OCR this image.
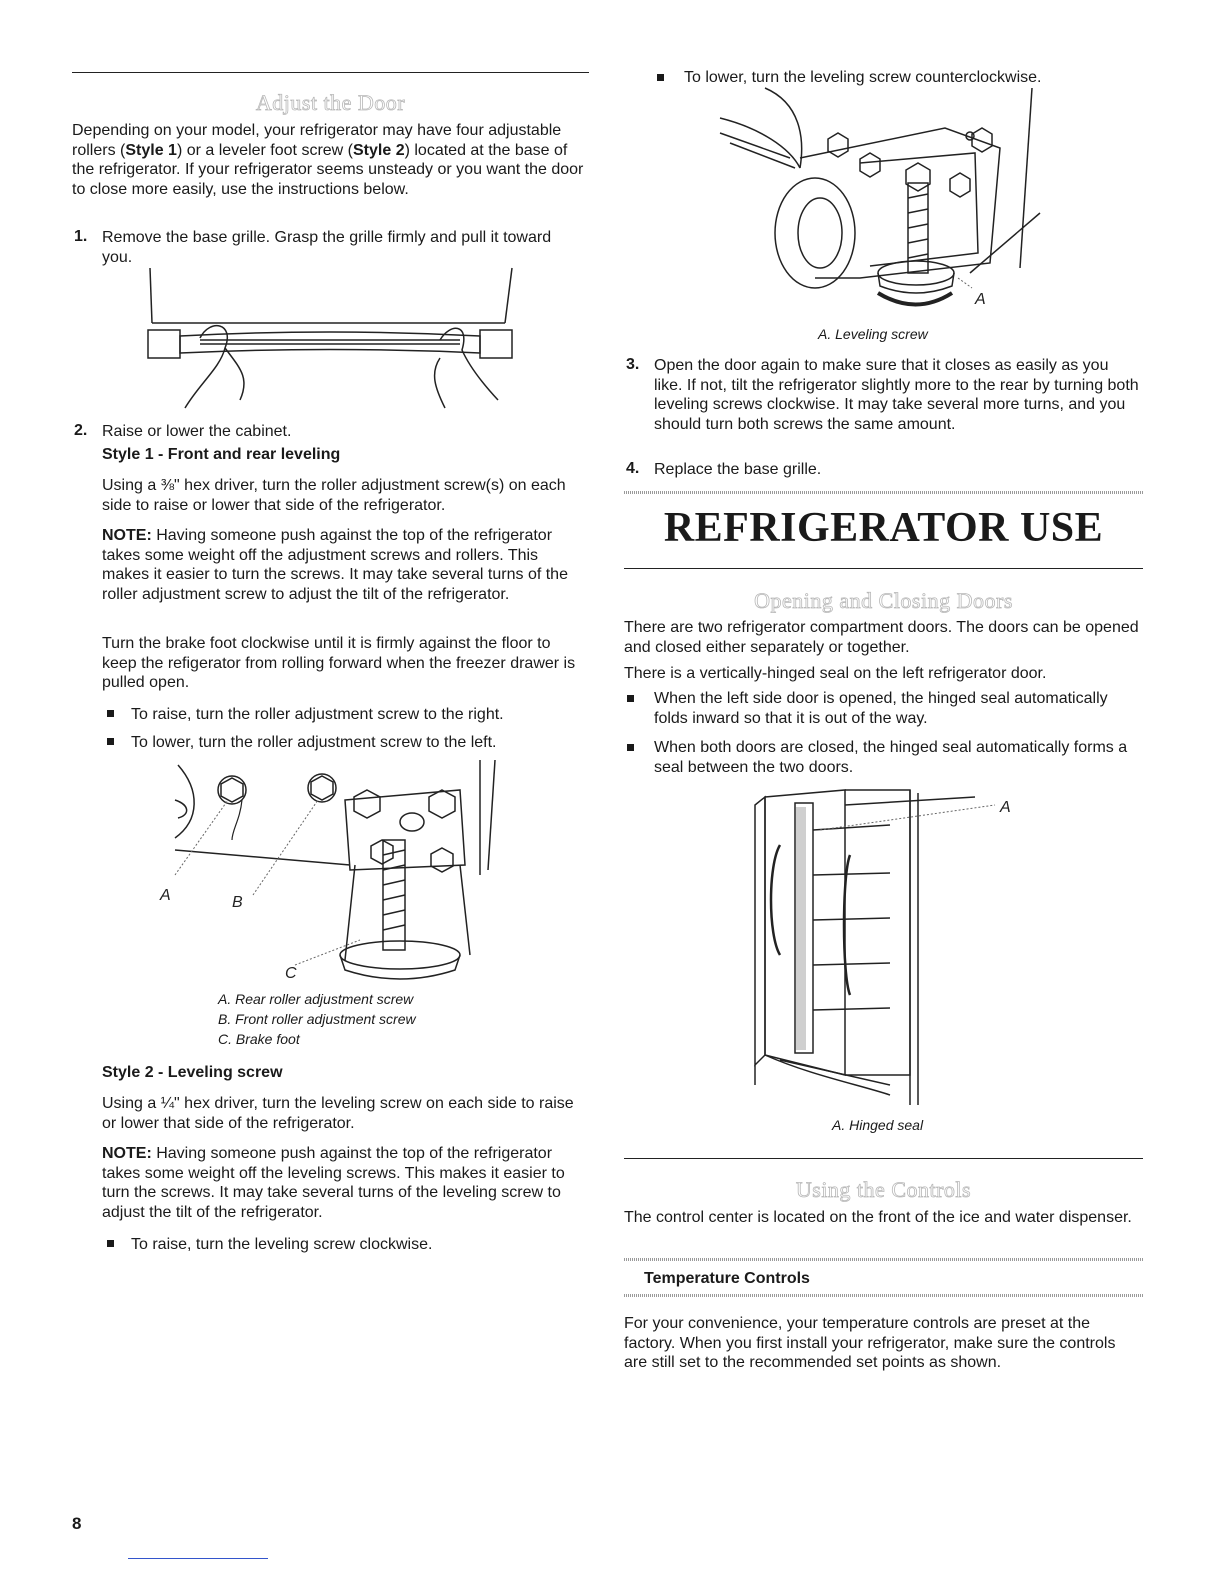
Adjust the Door
Depending on your model, your refrigerator may have four adjustable rollers (Style 1) or a leveler foot screw (Style 2) located at the base of the refrigerator. If your refrigerator seems unsteady or you want the door to close more easily, use the instructions below.
1. Remove the base grille. Grasp the grille firmly and pull it toward you.
2. Raise or lower the cabinet.
Style 1 - Front and rear leveling
Using a ⅜" hex driver, turn the roller adjustment screw(s) on each side to raise or lower that side of the refrigerator.
NOTE: Having someone push against the top of the refrigerator takes some weight off the adjustment screws and rollers. This makes it easier to turn the screws. It may take several turns of the roller adjustment screw to adjust the tilt of the refrigerator.
Turn the brake foot clockwise until it is firmly against the floor to keep the refigerator from rolling forward when the freezer drawer is pulled open.
To raise, turn the roller adjustment screw to the right.
To lower, turn the roller adjustment screw to the left.
A	B
C
A. Rear roller adjustment screw
B. Front roller adjustment screw
C. Brake foot
Style 2 - Leveling screw
Using a ¼" hex driver, turn the leveling screw on each side to raise or lower that side of the refrigerator.
NOTE: Having someone push against the top of the refrigerator takes some weight off the leveling screws. This makes it easier to turn the screws. It may take several turns of the leveling screw to adjust the tilt of the refrigerator.
To raise, turn the leveling screw clockwise.
8
To lower, turn the leveling screw counterclockwise.
A
A. Leveling screw
3. Open the door again to make sure that it closes as easily as you like. If not, tilt the refrigerator slightly more to the rear by turning both leveling screws clockwise. It may take several more turns, and you should turn both screws the same amount.
4. Replace the base grille.
REFRIGERATOR USE
Opening and Closing Doors
There are two refrigerator compartment doors. The doors can be opened and closed either separately or together.
There is a vertically-hinged seal on the left refrigerator door.
When the left side door is opened, the hinged seal automatically folds inward so that it is out of the way.
When both doors are closed, the hinged seal automatically forms a seal between the two doors.
A
A. Hinged seal
Using the Controls
The control center is located on the front of the ice and water dispenser.
Temperature Controls
For your convenience, your temperature controls are preset at the factory. When you first install your refrigerator, make sure the controls are still set to the recommended set points as shown.
